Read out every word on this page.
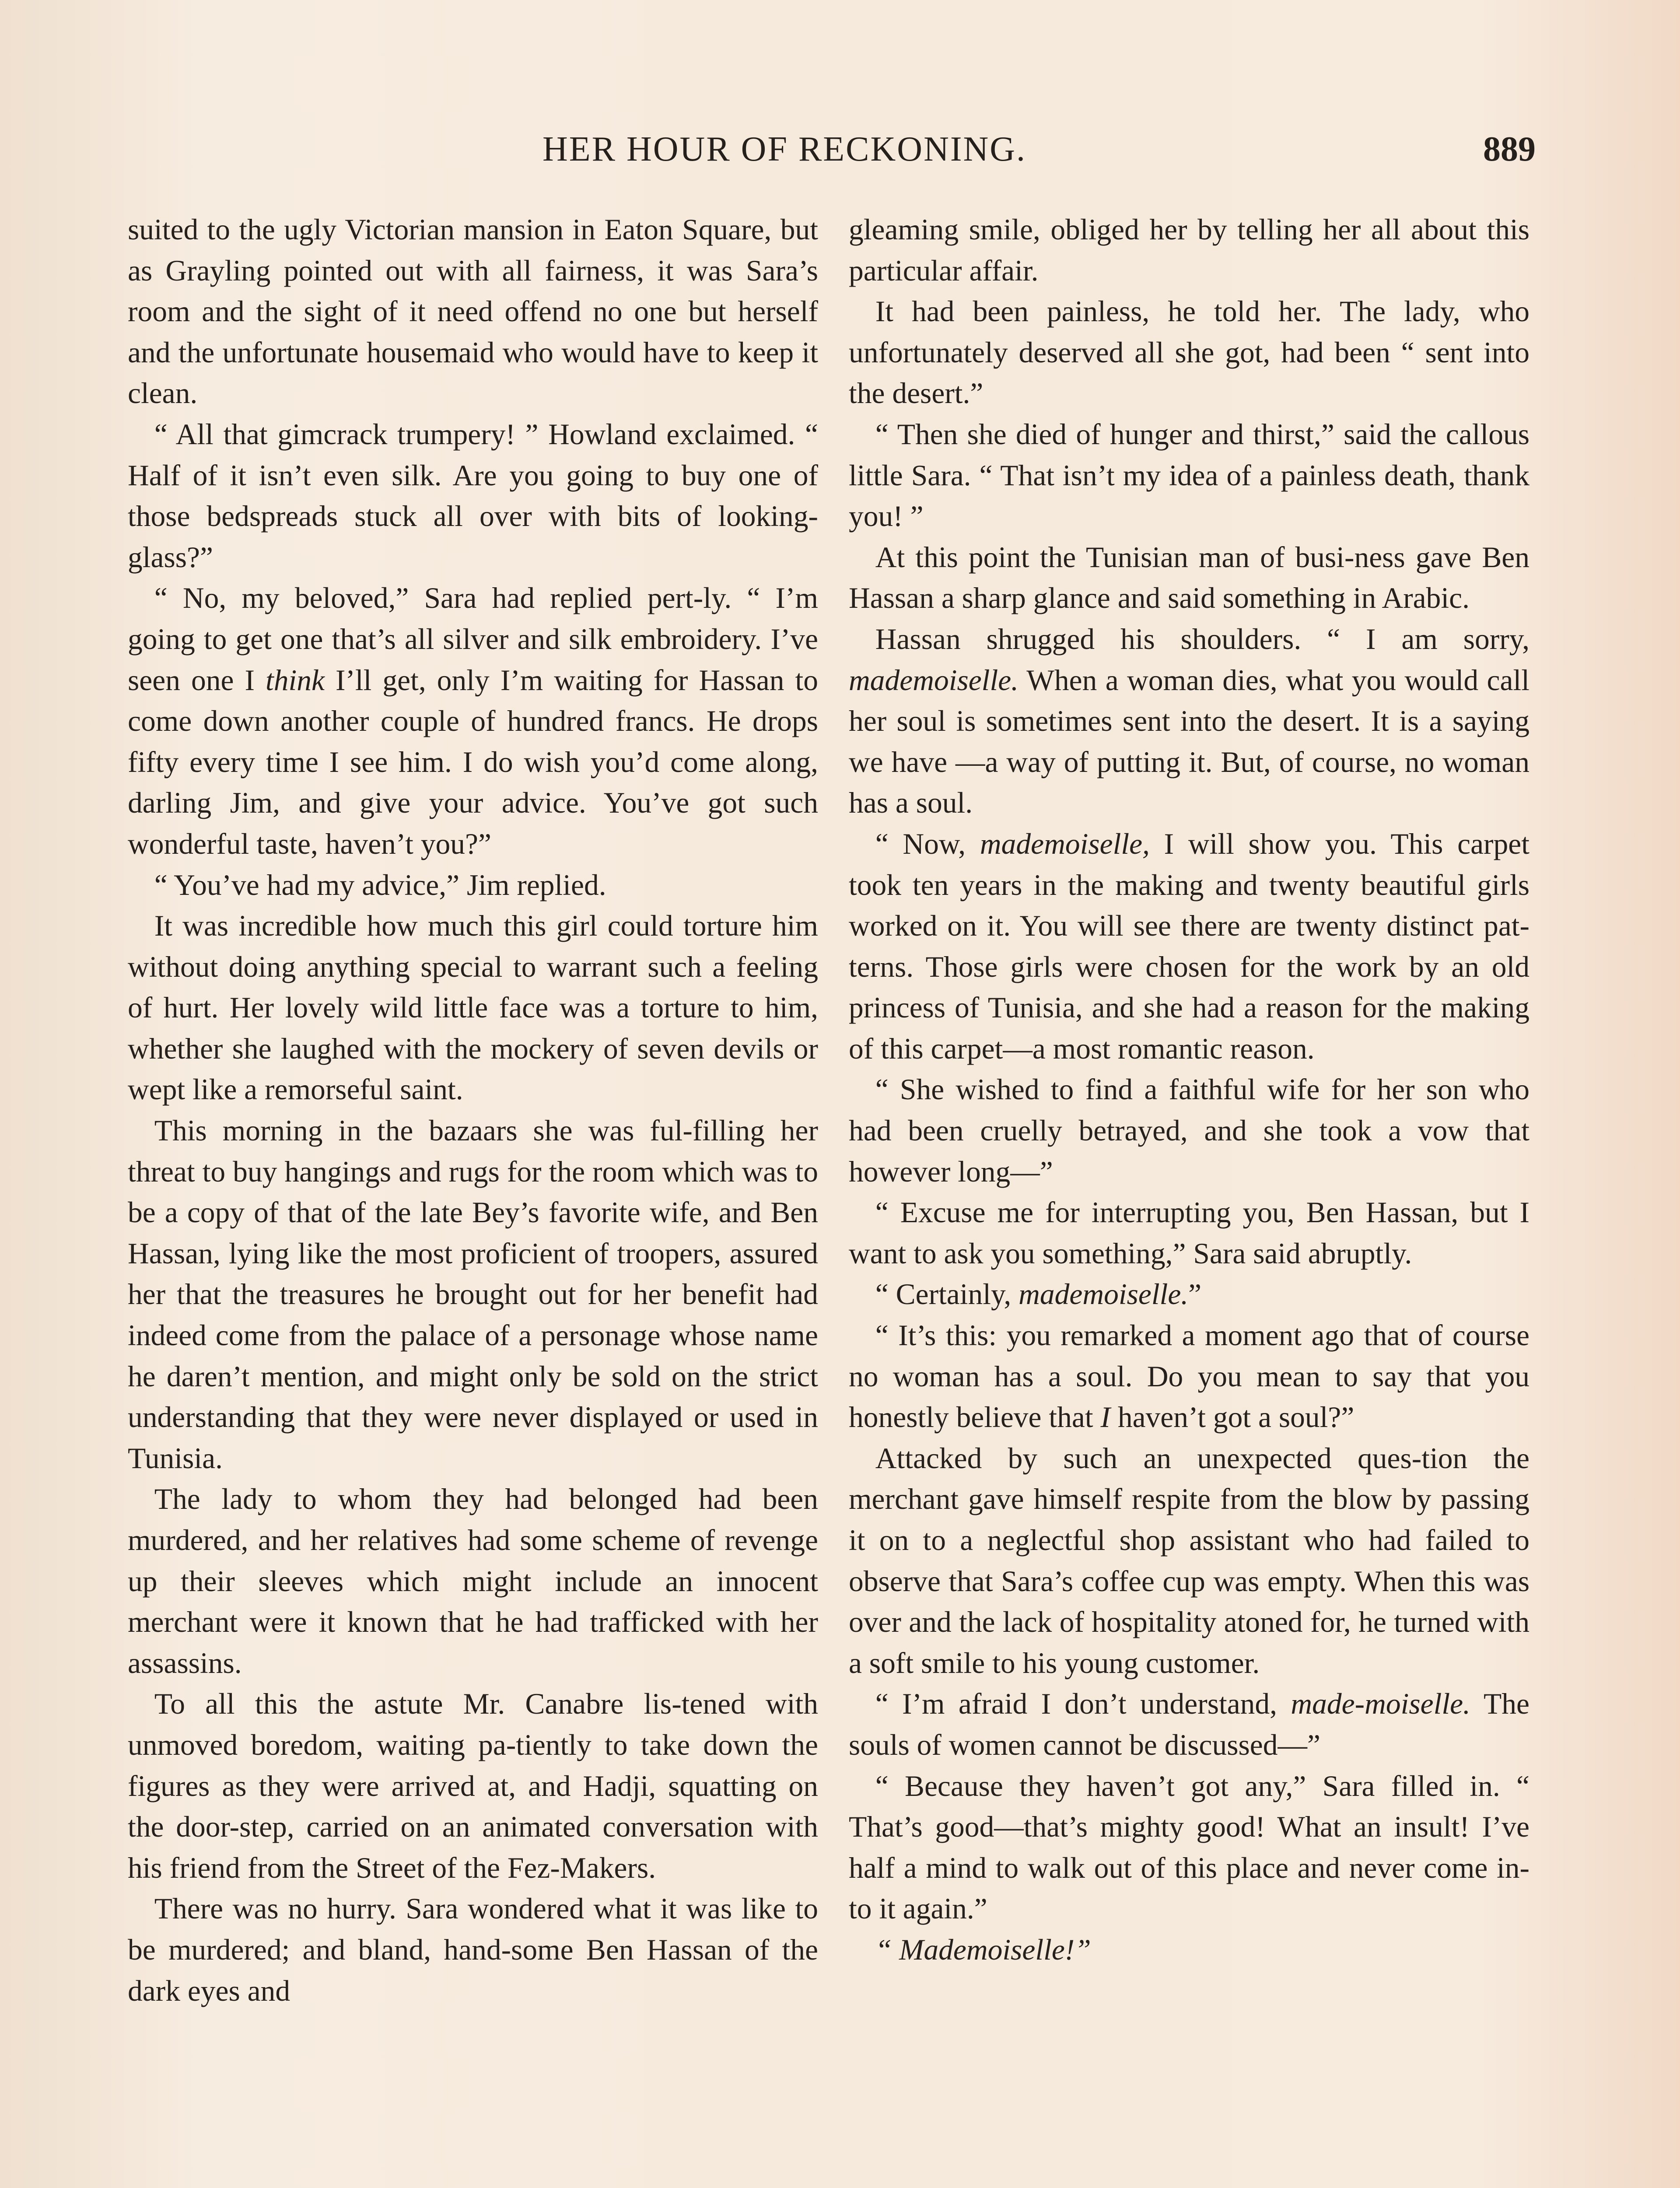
HER HOUR OF RECKONING.	889

suited to the ugly Victorian mansion in Eaton Square, but as Grayling pointed out with all fairness, it was Sara’s room and the sight of it need offend no one but herself and the unfortunate housemaid who would have to keep it clean.

“ All that gimcrack trumpery! ” Howland exclaimed. “ Half of it isn’t even silk. Are you going to buy one of those bedspreads stuck all over with bits of looking-glass?”

“ No, my beloved,” Sara had replied pert-ly. “ I’m going to get one that’s all silver and silk embroidery. I’ve seen one I think I’ll get, only I’m waiting for Hassan to come down another couple of hundred francs. He drops fifty every time I see him. I do wish you’d come along, darling Jim, and give your advice. You’ve got such wonderful taste, haven’t you?”

“ You’ve had my advice,” Jim replied.

It was incredible how much this girl could torture him without doing anything special to warrant such a feeling of hurt. Her lovely wild little face was a torture to him, whether she laughed with the mockery of seven devils or wept like a remorseful saint.

This morning in the bazaars she was ful-filling her threat to buy hangings and rugs for the room which was to be a copy of that of the late Bey’s favorite wife, and Ben Hassan, lying like the most proficient of troopers, assured her that the treasures he brought out for her benefit had indeed come from the palace of a personage whose name he daren’t mention, and might only be sold on the strict understanding that they were never displayed or used in Tunisia.

The lady to whom they had belonged had been murdered, and her relatives had some scheme of revenge up their sleeves which might include an innocent merchant were it known that he had trafficked with her assassins.

To all this the astute Mr. Canabre lis-tened with unmoved boredom, waiting pa-tiently to take down the figures as they were arrived at, and Hadji, squatting on the door-step, carried on an animated conversation with his friend from the Street of the Fez-Makers.

There was no hurry. Sara wondered what it was like to be murdered; and bland, hand-some Ben Hassan of the dark eyes and

gleaming smile, obliged her by telling her all about this particular affair.

It had been painless, he told her. The lady, who unfortunately deserved all she got, had been “ sent into the desert.”

“ Then she died of hunger and thirst,” said the callous little Sara. “ That isn’t my idea of a painless death, thank you! ”

At this point the Tunisian man of busi-ness gave Ben Hassan a sharp glance and said something in Arabic.

Hassan shrugged his shoulders. “ I am sorry, mademoiselle. When a woman dies, what you would call her soul is sometimes sent into the desert. It is a saying we have —a way of putting it. But, of course, no woman has a soul.

“ Now, mademoiselle, I will show you. This carpet took ten years in the making and twenty beautiful girls worked on it. You will see there are twenty distinct pat-terns. Those girls were chosen for the work by an old princess of Tunisia, and she had a reason for the making of this carpet—a most romantic reason.

“ She wished to find a faithful wife for her son who had been cruelly betrayed, and she took a vow that however long—”

“ Excuse me for interrupting you, Ben Hassan, but I want to ask you something,” Sara said abruptly.

“ Certainly, mademoiselle.”

“ It’s this: you remarked a moment ago that of course no woman has a soul. Do you mean to say that you honestly believe that I haven’t got a soul?”

Attacked by such an unexpected ques-tion the merchant gave himself respite from the blow by passing it on to a neglectful shop assistant who had failed to observe that Sara’s coffee cup was empty. When this was over and the lack of hospitality atoned for, he turned with a soft smile to his young customer.

“ I’m afraid I don’t understand, made-moiselle. The souls of women cannot be discussed—”

“ Because they haven’t got any,” Sara filled in. “ That’s good—that’s mighty good! What an insult! I’ve half a mind to walk out of this place and never come in-to it again.”

“ Mademoiselle!”
